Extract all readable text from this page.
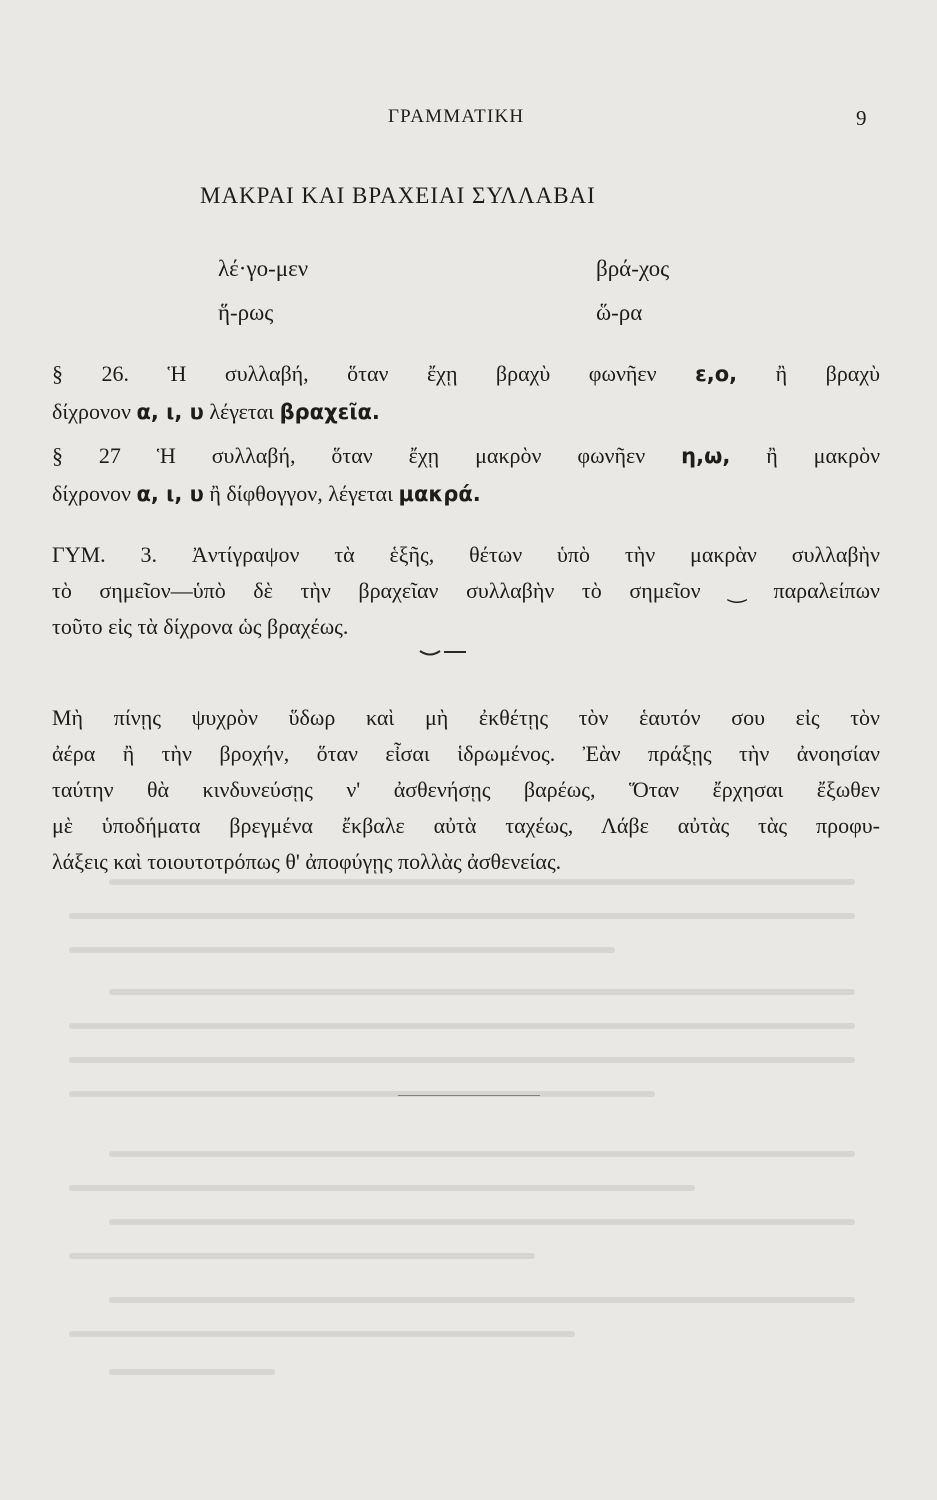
ΓΡΑΜΜΑΤΙΚΗ	9
ΜΑΚΡΑΙ ΚΑΙ ΒΡΑΧΕΙΑΙ ΣΥΛΛΑΒΑΙ
λέ·γο-μεν	βρά-χος
ἥ-ρως	ὥ-ρα
§ 26. Ἡ συλλαβή, ὅταν ἔχῃ βραχὺ φωνῆεν ε,ο, ἢ βραχὺ
δίχρονον α, ι, υ λέγεται βραχεῖα.
§ 27 Ἡ συλλαβή, ὅταν ἔχῃ μακρὸν φωνῆεν η,ω, ἢ μακρὸν
δίχρονον α, ι, υ ἢ δίφθογγον, λέγεται μακρά.
ΓΥΜ. 3. Ἀντίγραψον τὰ ἑξῆς, θέτων ὑπὸ τὴν μακρὰν συλλαβὴν
τὸ σημεῖον—ὑπὸ δὲ τὴν βραχεῖαν συλλαβὴν τὸ σημεῖον ‿ παραλείπων
τοῦτο εἰς τὰ δίχρονα ὡς βραχέως.
Μὴ πίνῃς ψυχρὸν ὕδωρ καὶ μὴ ἐκθέτῃς τὸν ἑαυτόν σου εἰς τὸν
ἀέρα ἢ τὴν βροχήν, ὅταν εἶσαι ἱδρωμένος. Ἐὰν πράξῃς τὴν ἀνοησίαν
ταύτην θὰ κινδυνεύσῃς ν' ἀσθενήσῃς βαρέως, Ὅταν ἔρχησαι ἔξωθεν
μὲ ὑποδήματα βρεγμένα ἔκβαλε αὐτὰ ταχέως, Λάβε αὐτὰς τὰς προφυ-
λάξεις καὶ τοιουτοτρόπως θ' ἀποφύγῃς πολλὰς ἀσθενείας.
